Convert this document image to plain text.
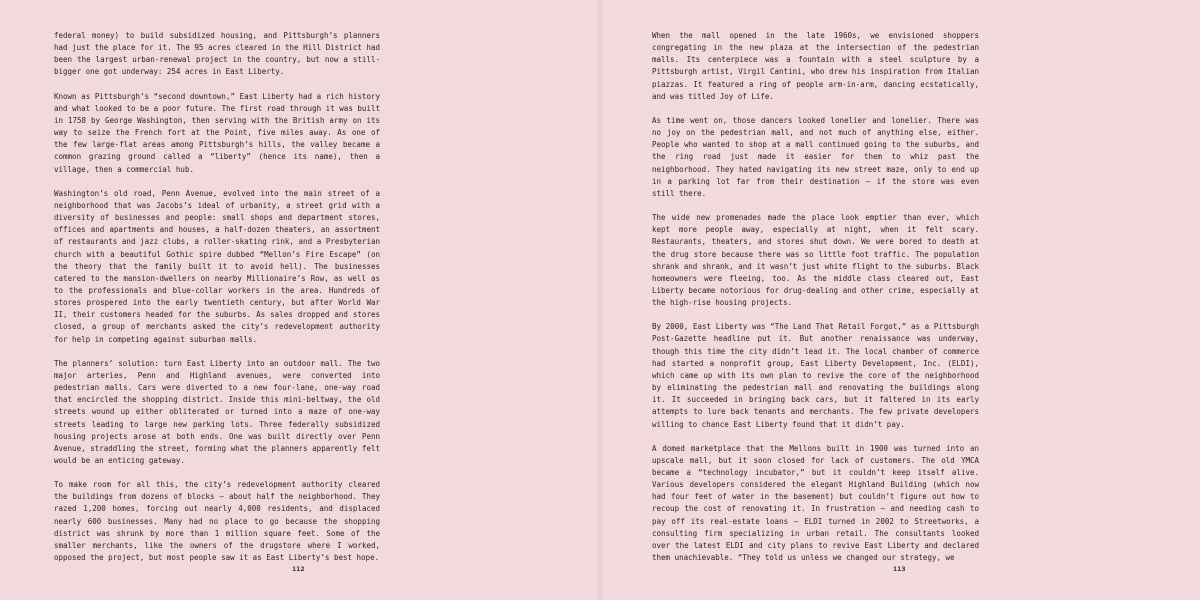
federal money) to build subsidized housing, and Pittsburgh’s planners had just the place for it. The 95 acres cleared in the Hill District had been the largest urban-renewal project in the country, but now a still-bigger one got underway: 254 acres in East Liberty.

Known as Pittsburgh’s “second downtown,” East Liberty had a rich history and what looked to be a poor future. The first road through it was built in 1758 by George Washington, then serving with the British army on its way to seize the French fort at the Point, five miles away. As one of the few large-flat areas among Pittsburgh’s hills, the valley became a common grazing ground called a “liberty” (hence its name), then a village, then a commercial hub.

Washington’s old road, Penn Avenue, evolved into the main street of a neighborhood that was Jacobs’s ideal of urbanity, a street grid with a diversity of businesses and people: small shops and department stores, offices and apartments and houses, a half-dozen theaters, an assortment of restaurants and jazz clubs, a roller-skating rink, and a Presbyterian church with a beautiful Gothic spire dubbed “Mellon’s Fire Escape” (on the theory that the family built it to avoid hell). The businesses catered to the mansion-dwellers on nearby Millionaire’s Row, as well as to the professionals and blue-collar workers in the area. Hundreds of stores prospered into the early twentieth century, but after World War II, their customers headed for the suburbs. As sales dropped and stores closed, a group of merchants asked the city’s redevelopment authority for help in competing against suburban malls.

The planners’ solution: turn East Liberty into an outdoor mall. The two major arteries, Penn and Highland avenues, were converted into pedestrian malls. Cars were diverted to a new four-lane, one-way road that encircled the shopping district. Inside this mini-beltway, the old streets wound up either obliterated or turned into a maze of one-way streets leading to large new parking lots. Three federally subsidized housing projects arose at both ends. One was built directly over Penn Avenue, straddling the street, forming what the planners apparently felt would be an enticing gateway.

To make room for all this, the city’s redevelopment authority cleared the buildings from dozens of blocks — about half the neighborhood. They razed 1,200 homes, forcing out nearly 4,000 residents, and displaced nearly 600 businesses. Many had no place to go because the shopping district was shrunk by more than 1 million square feet. Some of the smaller merchants, like the owners of the drugstore where I worked, opposed the project, but most people saw it as East Liberty’s best hope.

112

When the mall opened in the late 1960s, we envisioned shoppers congregating in the new plaza at the intersection of the pedestrian malls. Its centerpiece was a fountain with a steel sculpture by a Pittsburgh artist, Virgil Cantini, who drew his inspiration from Italian piazzas. It featured a ring of people arm-in-arm, dancing ecstatically, and was titled Joy of Life.

As time went on, those dancers looked lonelier and lonelier. There was no joy on the pedestrian mall, and not much of anything else, either. People who wanted to shop at a mall continued going to the suburbs, and the ring road just made it easier for them to whiz past the neighborhood. They hated navigating its new street maze, only to end up in a parking lot far from their destination — if the store was even still there.

The wide new promenades made the place look emptier than ever, which kept more people away, especially at night, when it felt scary. Restaurants, theaters, and stores shut down. We were bored to death at the drug store because there was so little foot traffic. The population shrank and shrank, and it wasn’t just white flight to the suburbs. Black homeowners were fleeing, too. As the middle class cleared out, East Liberty became notorious for drug-dealing and other crime, especially at the high-rise housing projects.

By 2000, East Liberty was “The Land That Retail Forgot,” as a Pittsburgh Post-Gazette headline put it. But another renaissance was underway, though this time the city didn’t lead it. The local chamber of commerce had started a nonprofit group, East Liberty Development, Inc. (ELDI), which came up with its own plan to revive the core of the neighborhood by eliminating the pedestrian mall and renovating the buildings along it. It succeeded in bringing back cars, but it faltered in its early attempts to lure back tenants and merchants. The few private developers willing to chance East Liberty found that it didn’t pay.

A domed marketplace that the Mellons built in 1900 was turned into an upscale mall, but it soon closed for lack of customers. The old YMCA became a “technology incubator,” but it couldn’t keep itself alive. Various developers considered the elegant Highland Building (which now had four feet of water in the basement) but couldn’t figure out how to recoup the cost of renovating it. In frustration — and needing cash to pay off its real-estate loans — ELDI turned in 2002 to Streetworks, a consulting firm specializing in urban retail. The consultants looked over the latest ELDI and city plans to revive East Liberty and declared them unachievable. “They told us unless we changed our strategy, we

113
